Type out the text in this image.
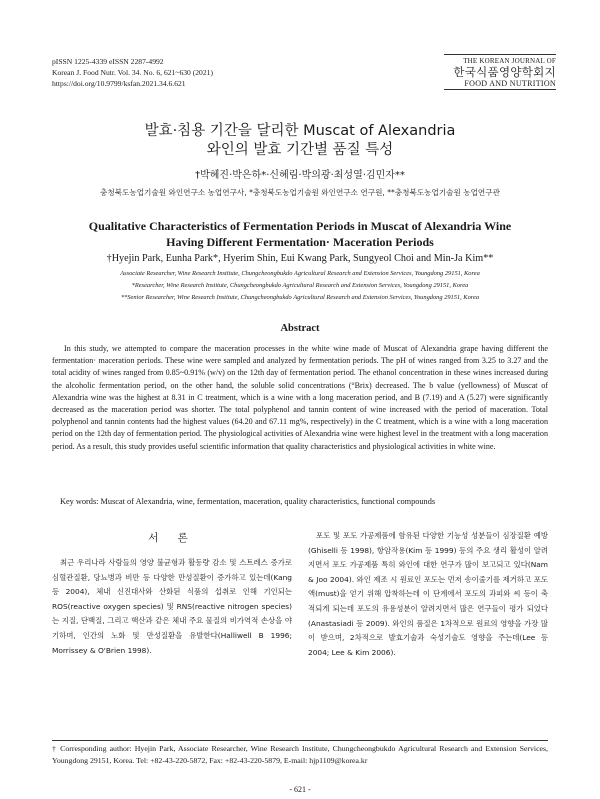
pISSN 1225-4339 eISSN 2287-4992
Korean J. Food Nutr. Vol. 34. No. 6, 621~630 (2021)
https://doi.org/10.9799/ksfan.2021.34.6.621
THE KOREAN JOURNAL OF
한국식품영양학회지
FOOD AND NUTRITION
발효·침용 기간을 달리한 Muscat of Alexandria
와인의 발효 기간별 품질 특성
†박혜진·박은하*·신혜림·박의광·최성열·김민자**
충청북도농업기술원 와인연구소 농업연구사, *충청북도농업기술원 와인연구소 연구원, **충청북도농업기술원 농업연구관
Qualitative Characteristics of Fermentation Periods in Muscat of Alexandria Wine
Having Different Fermentation· Maceration Periods
†Hyejin Park, Eunha Park*, Hyerim Shin, Eui Kwang Park, Sungyeol Choi and Min-Ja Kim**
Associate Researcher, Wine Research Institute, Chungcheongbukdo Agricultural Research and Extension Services, Youngdong 29151, Korea
*Researcher, Wine Research Institute, Chungcheongbukdo Agricultural Research and Extension Services, Youngdong 29151, Korea
**Senior Researcher, Wine Research Institute, Chungcheongbukdo Agricultural Research and Extension Services, Youngdong 29151, Korea
Abstract
In this study, we attempted to compare the maceration processes in the white wine made of Muscat of Alexandria grape having different the fermentation· maceration periods. These wine were sampled and analyzed by fermentation periods. The pH of wines ranged from 3.25 to 3.27 and the total acidity of wines ranged from 0.85~0.91% (w/v) on the 12th day of fermentation period. The ethanol concentration in these wines increased during the alcoholic fermentation period, on the other hand, the soluble solid concentrations (°Brix) decreased. The b value (yellowness) of Muscat of Alexandria wine was the highest at 8.31 in C treatment, which is a wine with a long maceration period, and B (7.19) and A (5.27) were significantly decreased as the maceration period was shorter. The total polyphenol and tannin content of wine increased with the period of maceration. Total polyphenol and tannin contents had the highest values (64.20 and 67.11 mg%, respectively) in the C treatment, which is a wine with a long maceration period on the 12th day of fermentation period. The physiological activities of Alexandria wine were highest level in the treatment with a long maceration period. As a result, this study provides useful scientific information that quality characteristics and physiological activities in white wine.
Key words: Muscat of Alexandria, wine, fermentation, maceration, quality characteristics, functional compounds
서 론
최근 우리나라 사람들의 영양 불균형과 활동량 감소 및 스트레스 증가로 심혈관질환, 당뇨병과 비만 등 다양한 만성질환이 증가하고 있는데(Kang 등 2004), 체내 신진대사와 산화된 식품의 섭취로 인해 기인되는 ROS(reactive oxygen species) 및 RNS(reactive nitrogen species)는 지질, 단백질, 그리고 핵산과 같은 체내 주요 물질의 비가역적 손상을 야기하며, 인간의 노화 및 만성질환을 유발한다(Halliwell B 1996; Morrissey & O'Brien 1998).
포도 및 포도 가공제품에 함유된 다양한 기능성 성분들이 심장질환 예방(Ghiselli 등 1998), 항암작용(Kim 등 1999) 등의 주요 생리 활성이 알려지면서 포도 가공제품 특히 와인에 대한 연구가 많이 보고되고 있다(Nam & Joo 2004). 와인 제조 시 원료인 포도는 먼저 송이줄기를 제거하고 포도액(must)을 얻기 위해 압착하는데 이 단계에서 포도의 과피와 씨 등이 축적되게 되는데 포도의 유용성분이 알려지면서 많은 연구들이 평가 되었다(Anastasiadi 등 2009). 와인의 품질은 1차적으로 원료의 영향을 가장 많이 받으며, 2차적으로 발효기술과 숙성기술도 영향을 주는데(Lee 등 2004; Lee & Kim 2006).
† Corresponding author: Hyejin Park, Associate Researcher, Wine Research Institute, Chungcheongbukdo Agricultural Research and Extension Services, Youngdong 29151, Korea. Tel: +82-43-220-5872, Fax: +82-43-220-5879, E-mail: hjp1109@korea.kr
- 621 -
